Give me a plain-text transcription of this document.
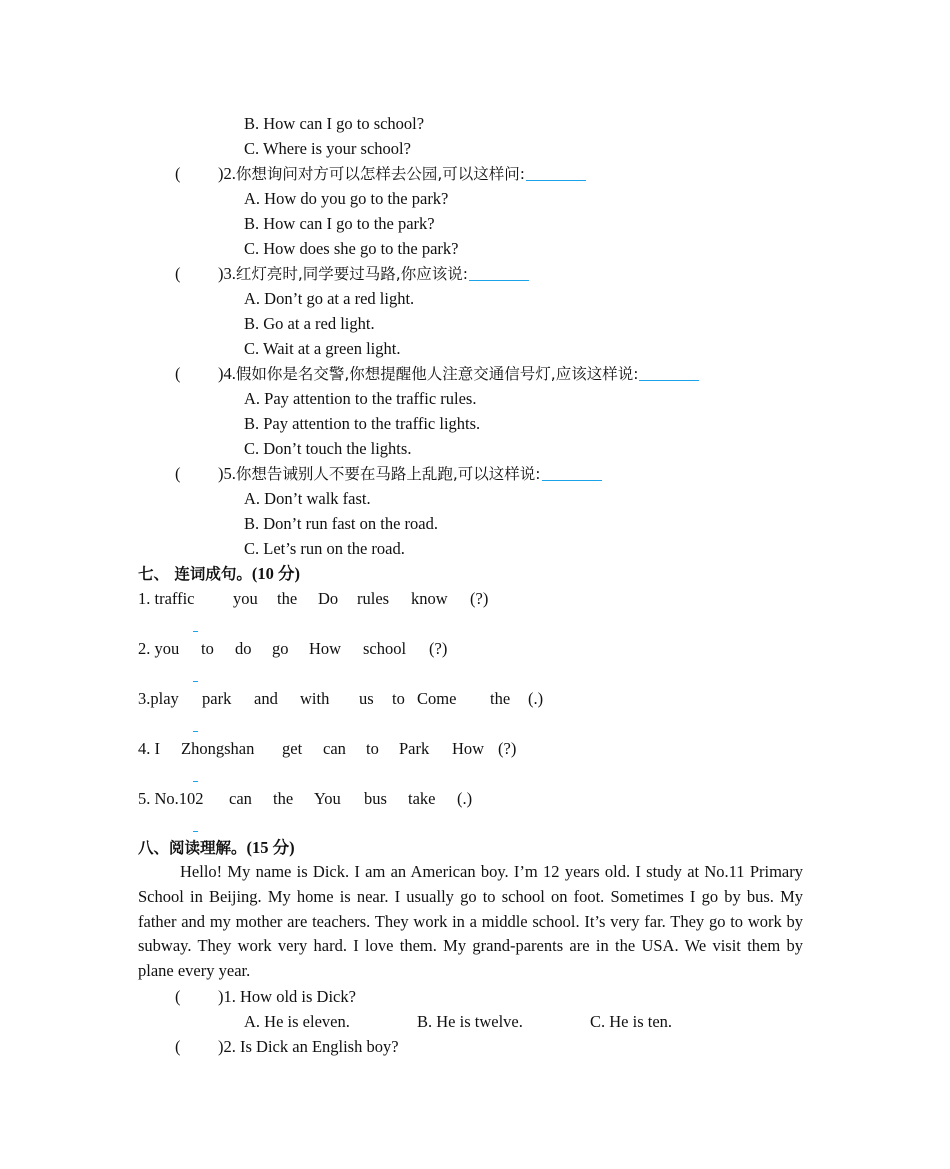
B. How can I go to school?
C. Where is your school?
( )2.你想询问对方可以怎样去公园,可以这样问:
A. How do you go to the park?
B. How can I go to the park?
C. How does she go to the park?
( )3.红灯亮时,同学要过马路,你应该说:
A. Don’t go at a red light.
B. Go at a red light.
C. Wait at a green light.
( )4.假如你是名交警,你想提醒他人注意交通信号灯,应该这样说:
A. Pay attention to the traffic rules.
B. Pay attention to the traffic lights.
C. Don’t touch the lights.
( )5.你想告诫别人不要在马路上乱跑,可以这样说:
A. Don’t walk fast.
B. Don’t run fast on the road.
C. Let’s run on the road.
七、 连词成句。(10 分)
1. traffic	you	the	Do	rules	know	(?)
2. you	to	do	go	How	school	(?)
3.play	park	and	with	us	to Come	the	(.)
4. I	Zhongshan	get	can	to	Park	How (?)
5. No.102	can	the	You	bus	take	(.)
八、阅读理解。(15 分)
Hello! My name is Dick. I am an American boy. I’m 12 years old. I study at No.11 Primary School in Beijing. My home is near. I usually go to school on foot. Sometimes I go by bus. My father and my mother are teachers. They work in a middle school. It’s very far. They go to work by subway. They work very hard. I love them. My grand-parents are in the USA. We visit them by plane every year.
( )1. How old is Dick?
A. He is eleven.	B. He is twelve.	C. He is ten.
( )2. Is Dick an English boy?
